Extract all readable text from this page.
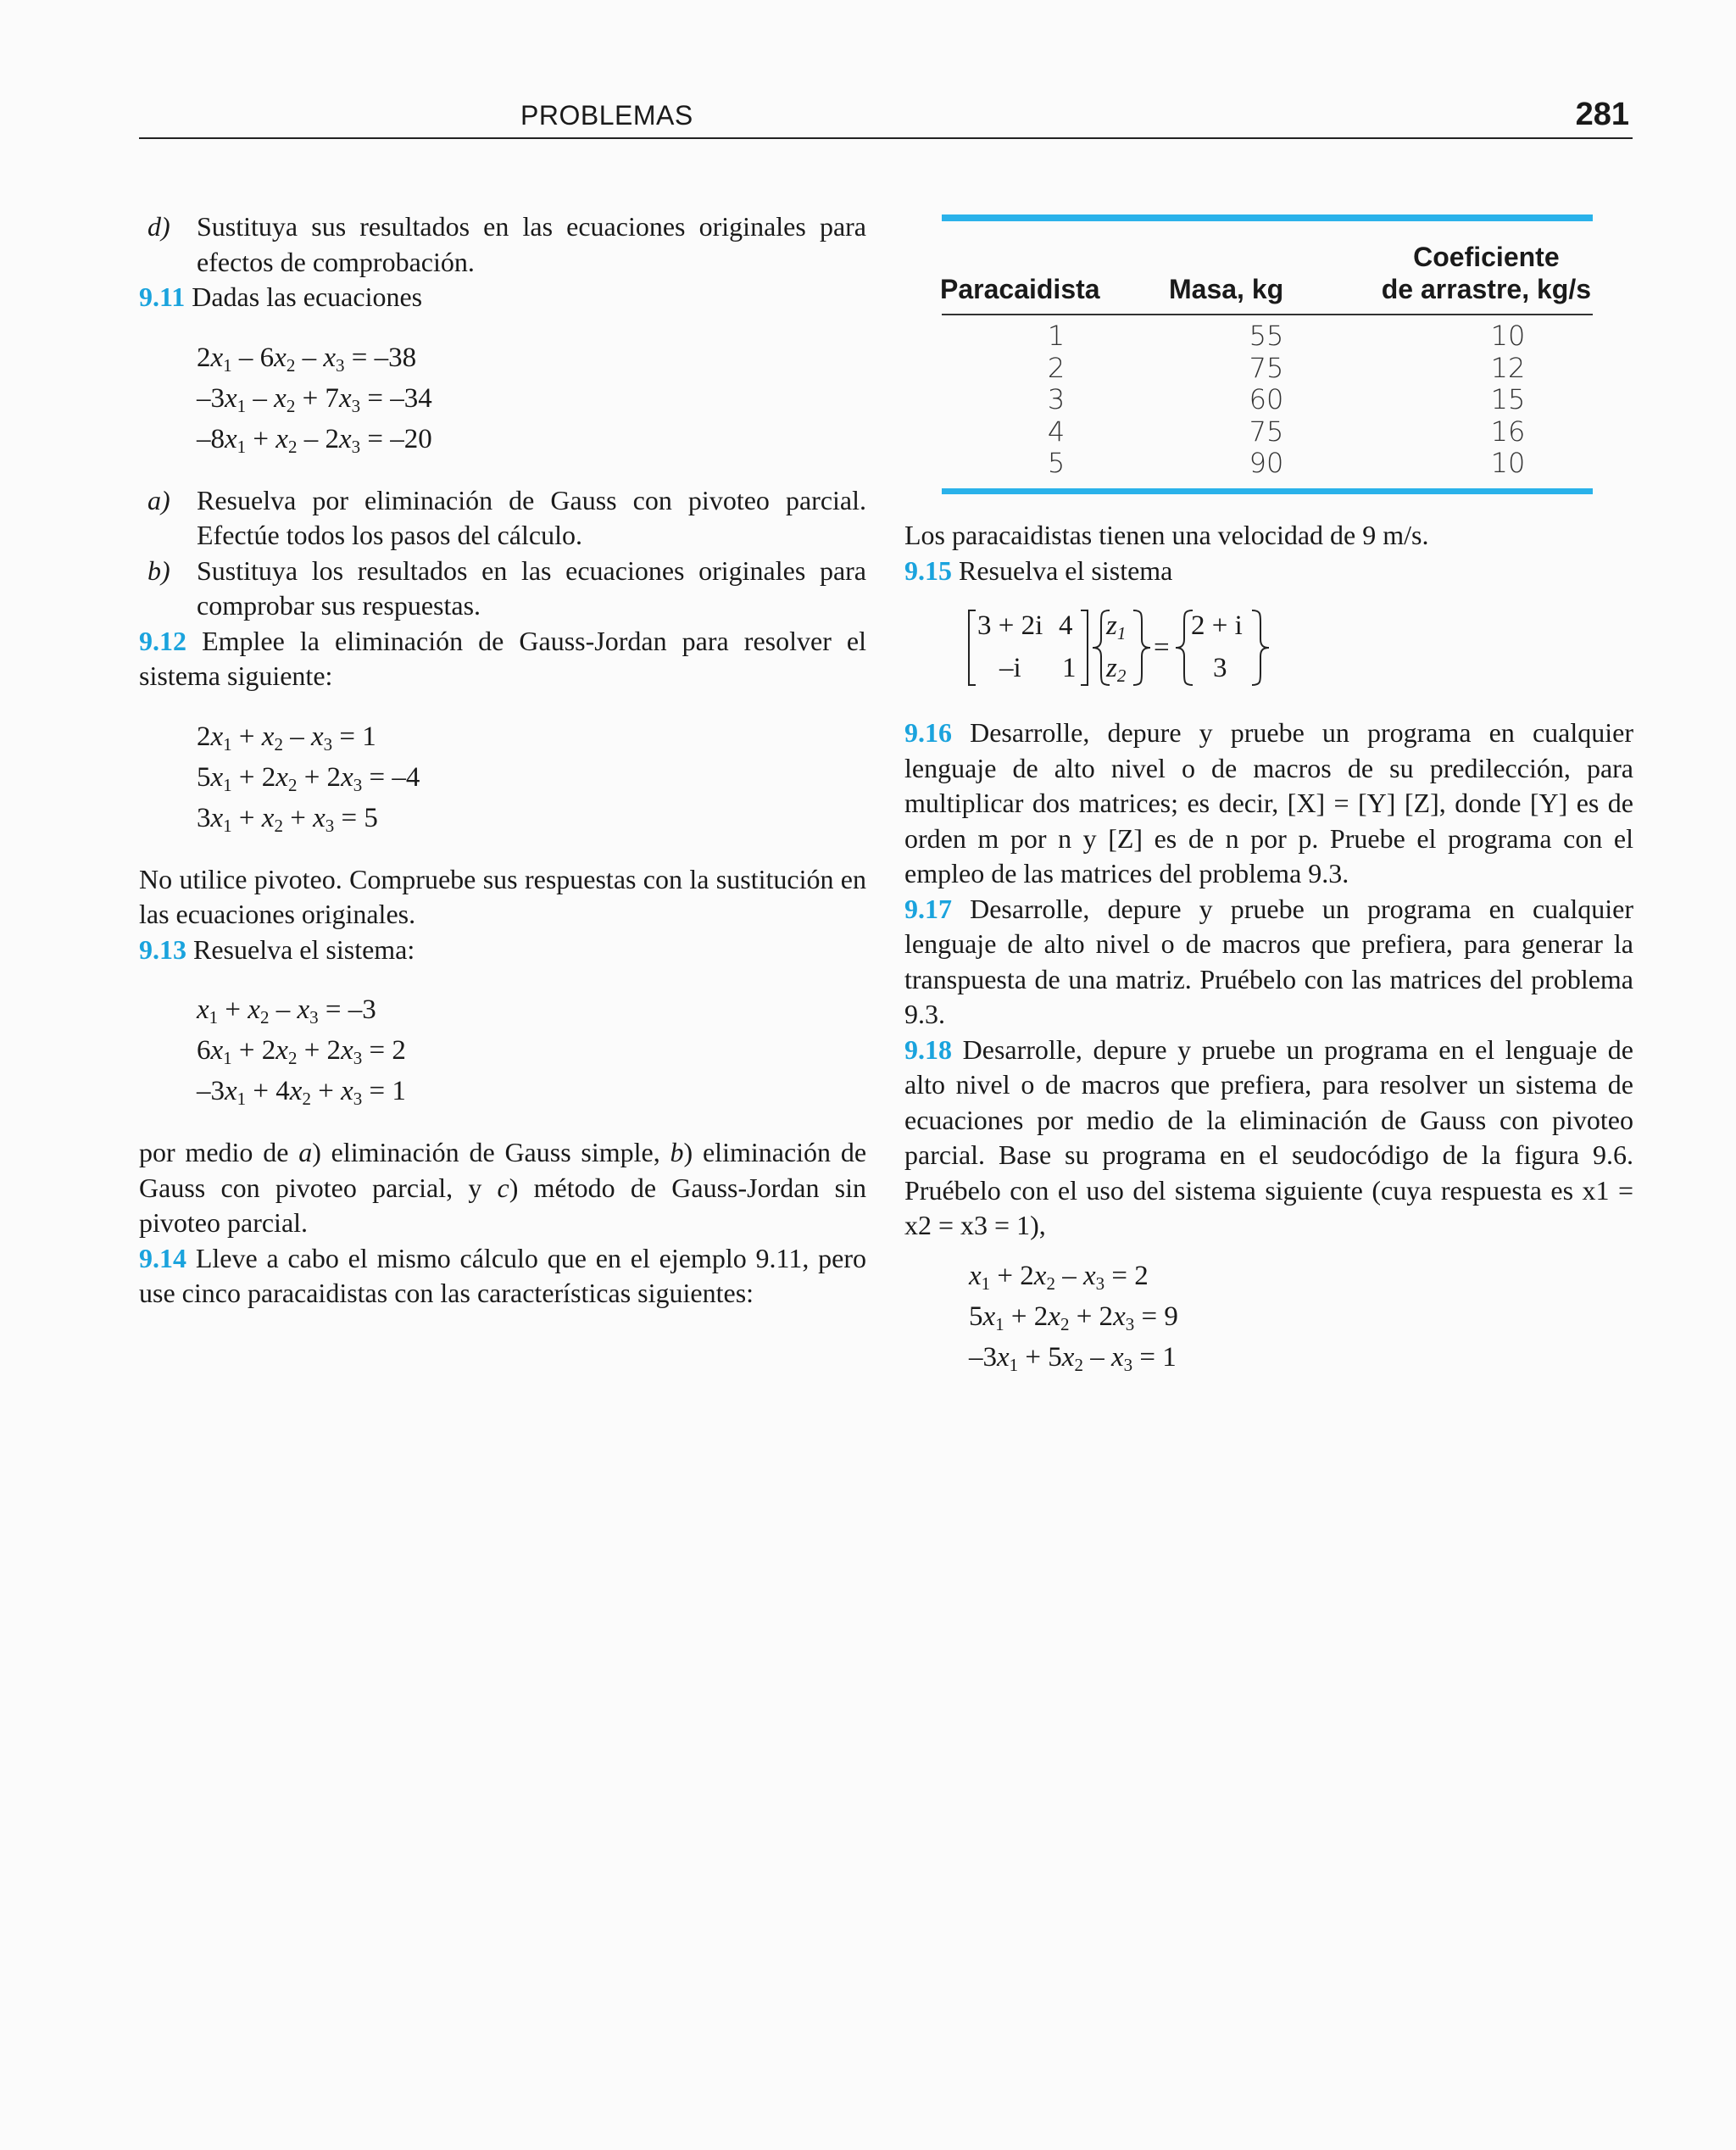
PROBLEMAS	281

d) Sustituya sus resultados en las ecuaciones originales para efectos de comprobación.

9.11 Dadas las ecuaciones

$2x_1 - 6x_2 - x_3 = -38$
$-3x_1 - x_2 + 7x_3 = -34$
$-8x_1 + x_2 - 2x_3 = -20$

a) Resuelva por eliminación de Gauss con pivoteo parcial. Efectúe todos los pasos del cálculo.

b) Sustituya los resultados en las ecuaciones originales para comprobar sus respuestas.

9.12 Emplee la eliminación de Gauss-Jordan para resolver el sistema siguiente:

$2x_1 + x_2 - x_3 = 1$
$5x_1 + 2x_2 + 2x_3 = -4$
$3x_1 + x_2 + x_3 = 5$

No utilice pivoteo. Compruebe sus respuestas con la sustitución en las ecuaciones originales.

9.13 Resuelva el sistema:

$x_1 + x_2 - x_3 = -3$
$6x_1 + 2x_2 + 2x_3 = 2$
$-3x_1 + 4x_2 + x_3 = 1$

por medio de a) eliminación de Gauss simple, b) eliminación de Gauss con pivoteo parcial, y c) método de Gauss-Jordan sin pivoteo parcial.

9.14 Lleve a cabo el mismo cálculo que en el ejemplo 9.11, pero use cinco paracaidistas con las características siguientes:

Paracaidista	Masa, kg
Coeficiente
de arrastre, kg/s
1	55	10
2	75	12
3	60	15
4	75	16
5	90	10

Los paracaidistas tienen una velocidad de 9 m/s.

9.15 Resuelva el sistema

3 + 2i 4
–i 1
$z_1$
$z_2$
=
2 + i
3

9.16 Desarrolle, depure y pruebe un programa en cualquier lenguaje de alto nivel o de macros de su predilección, para multiplicar dos matrices; es decir, [X] = [Y] [Z], donde [Y] es de orden m por n y [Z] es de n por p. Pruebe el programa con el empleo de las matrices del problema 9.3.

9.17 Desarrolle, depure y pruebe un programa en cualquier lenguaje de alto nivel o de macros que prefiera, para generar la transpuesta de una matriz. Pruébelo con las matrices del problema 9.3.

9.18 Desarrolle, depure y pruebe un programa en el lenguaje de alto nivel o de macros que prefiera, para resolver un sistema de ecuaciones por medio de la eliminación de Gauss con pivoteo parcial. Base su programa en el seudocódigo de la figura 9.6. Pruébelo con el uso del sistema siguiente (cuya respuesta es x1 = x2 = x3 = 1),

$x_1 + 2x_2 - x_3 = 2$
$5x_1 + 2x_2 + 2x_3 = 9$
$-3x_1 + 5x_2 - x_3 = 1$
